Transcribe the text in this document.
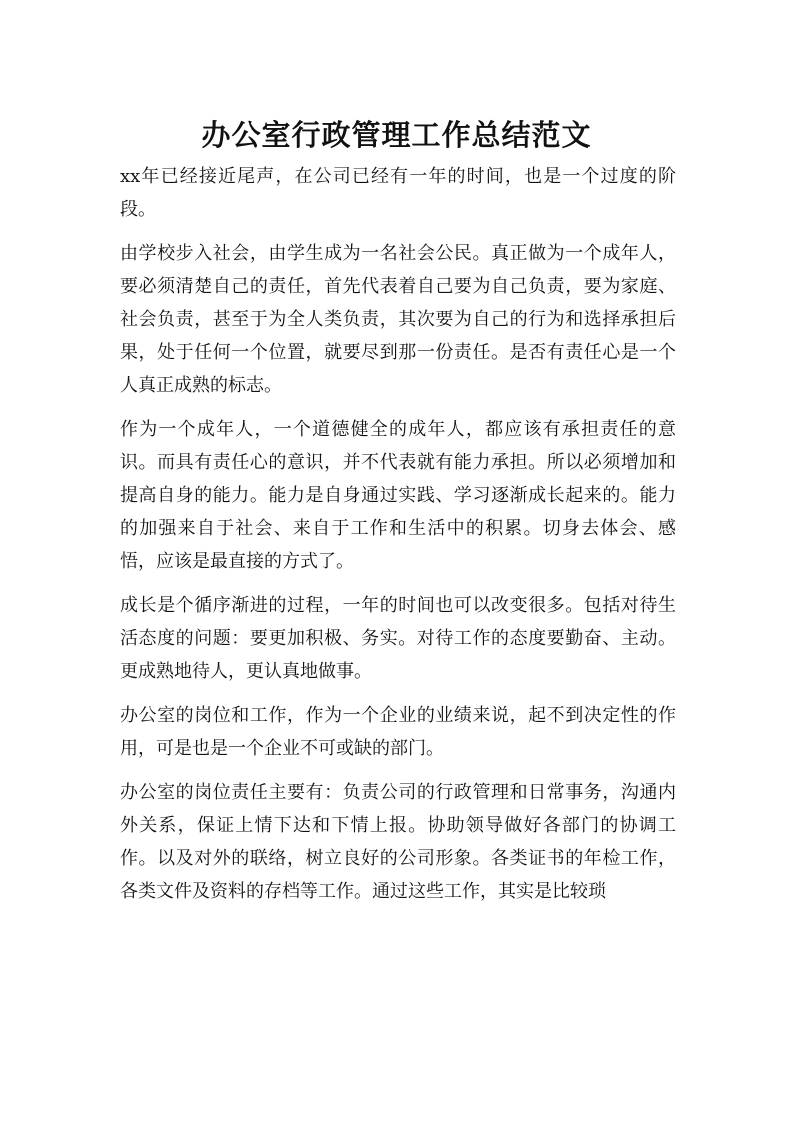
办公室行政管理工作总结范文

xx年已经接近尾声，在公司已经有一年的时间，也是一个过度的阶段。

由学校步入社会，由学生成为一名社会公民。真正做为一个成年人，要必须清楚自己的责任，首先代表着自己要为自己负责，要为家庭、社会负责，甚至于为全人类负责，其次要为自己的行为和选择承担后果，处于任何一个位置，就要尽到那一份责任。是否有责任心是一个人真正成熟的标志。

作为一个成年人，一个道德健全的成年人，都应该有承担责任的意识。而具有责任心的意识，并不代表就有能力承担。所以必须增加和提高自身的能力。能力是自身通过实践、学习逐渐成长起来的。能力的加强来自于社会、来自于工作和生活中的积累。切身去体会、感悟，应该是最直接的方式了。

成长是个循序渐进的过程，一年的时间也可以改变很多。包括对待生活态度的问题：要更加积极、务实。对待工作的态度要勤奋、主动。更成熟地待人，更认真地做事。

办公室的岗位和工作，作为一个企业的业绩来说，起不到决定性的作用，可是也是一个企业不可或缺的部门。

办公室的岗位责任主要有：负责公司的行政管理和日常事务，沟通内外关系，保证上情下达和下情上报。协助领导做好各部门的协调工作。以及对外的联络，树立良好的公司形象。各类证书的年检工作，各类文件及资料的存档等工作。通过这些工作，其实是比较琐
